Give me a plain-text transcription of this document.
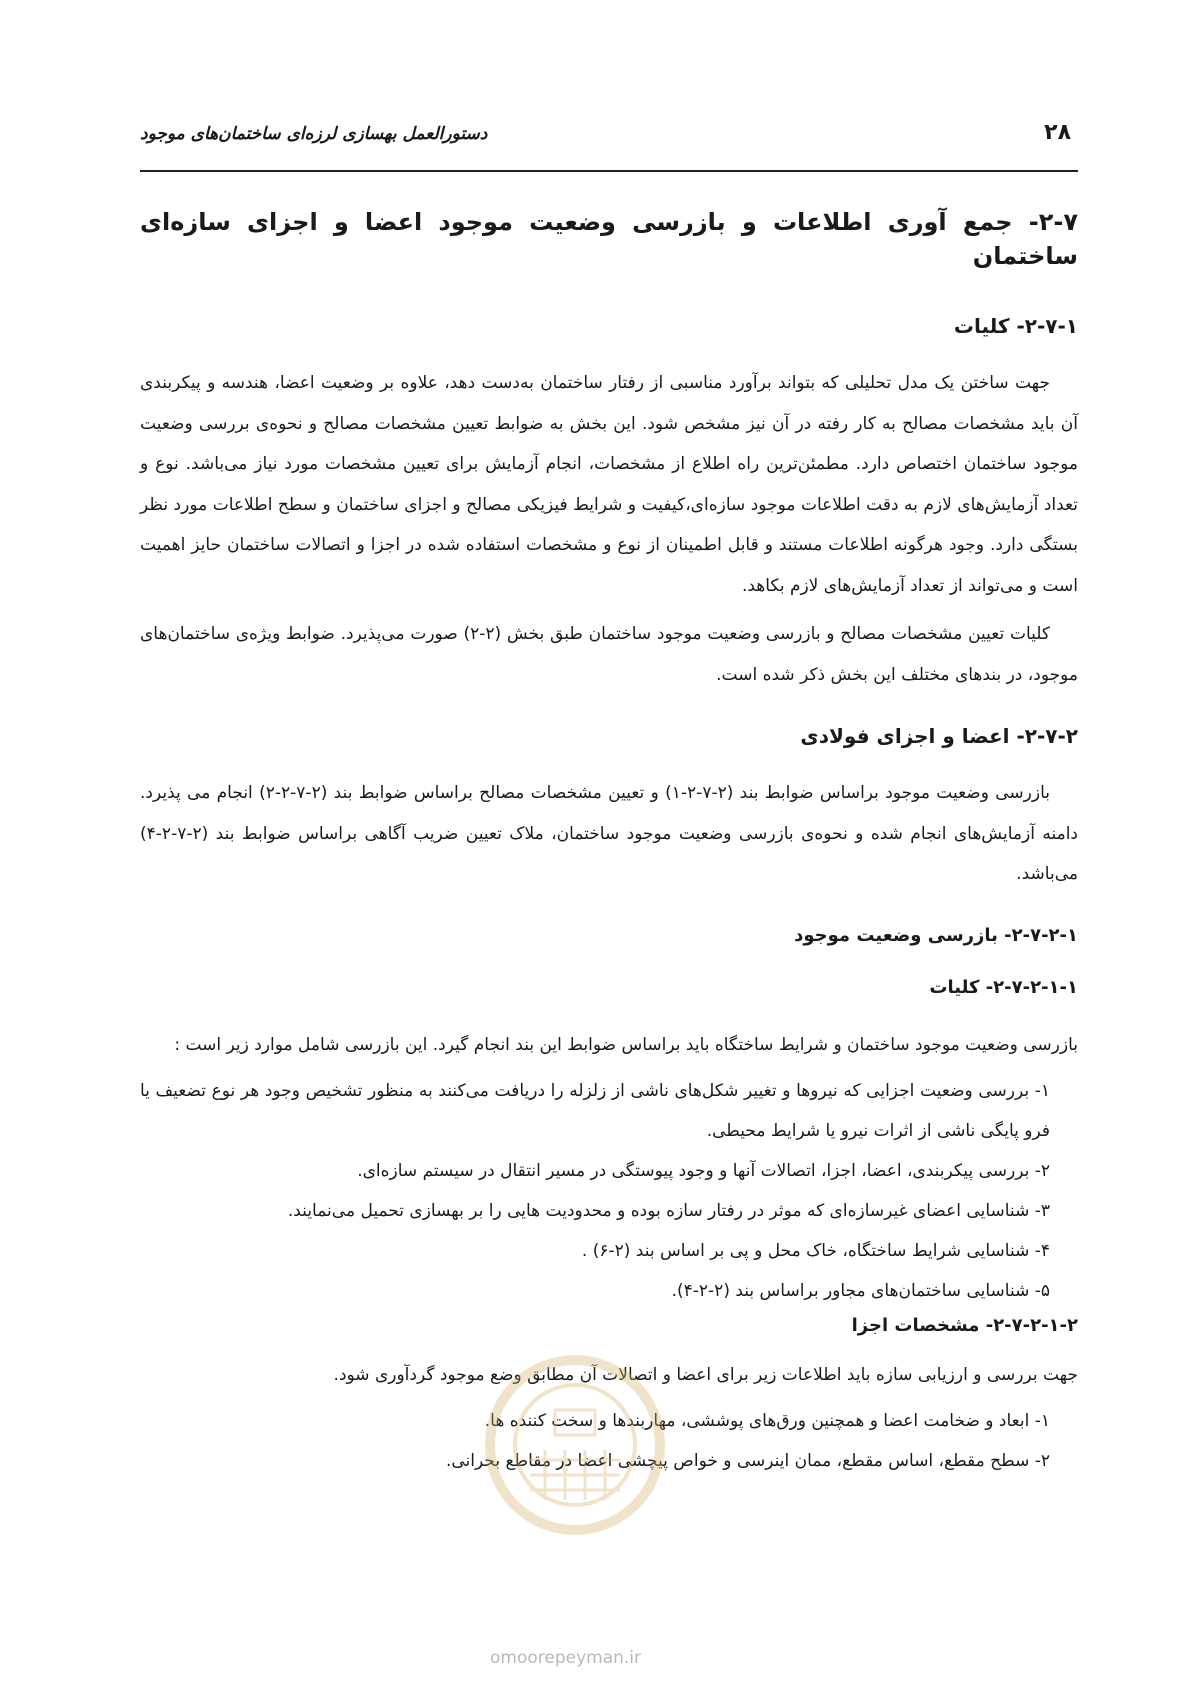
۲۸
دستورالعمل بهسازی لرزه‌ای ساختمان‌های موجود
۲-۷- جمع آوری اطلاعات و بازرسی وضعیت موجود اعضا و اجزای سازه‌ای ساختمان
۲-۷-۱- کلیات

جهت ساختن یک مدل تحلیلی که بتواند برآورد مناسبی از رفتار ساختمان به‌دست دهد، علاوه بر وضعیت اعضا، هندسه و پیکربندی آن باید مشخصات مصالح به کار رفته در آن نیز مشخص شود. این بخش به ضوابط تعیین مشخصات مصالح و نحوه‌ی بررسی وضعیت موجود ساختمان اختصاص دارد. مطمئن‌ترین راه اطلاع از مشخصات، انجام آزمایش برای تعیین مشخصات مورد نیاز می‌باشد. نوع و تعداد آزمایش‌های لازم به دقت اطلاعات موجود سازه‌ای،کیفیت و شرایط فیزیکی مصالح و اجزای ساختمان و سطح اطلاعات مورد نظر بستگی دارد. وجود هرگونه اطلاعات مستند و قابل اطمینان از نوع و مشخصات استفاده شده در اجزا و اتصالات ساختمان حایز اهمیت است و می‌تواند از تعداد آزمایش‌های لازم بکاهد.

کلیات تعیین مشخصات مصالح و بازرسی وضعیت موجود ساختمان طبق بخش (۲-۲) صورت می‌پذیرد. ضوابط ویژه‌ی ساختمان‌های موجود، در بندهای مختلف این بخش ذکر شده است.

۲-۷-۲- اعضا و اجزای فولادی

بازرسی وضعیت موجود براساس ضوابط بند (۲-۷-۲-۱) و تعیین مشخصات مصالح براساس ضوابط بند (۲-۷-۲-۲) انجام می پذیرد. دامنه آزمایش‌های انجام شده و نحوه‌ی بازرسی وضعیت موجود ساختمان، ملاک تعیین ضریب آگاهی براساس ضوابط بند (۲-۷-۲-۴) می‌باشد.

۲-۷-۲-۱- بازرسی وضعیت موجود
۲-۷-۲-۱-۱- کلیات

بازرسی وضعیت موجود ساختمان و شرایط ساختگاه باید براساس ضوابط این بند انجام گیرد. این بازرسی شامل موارد زیر است :

۱- بررسی وضعیت اجزایی که نیروها و تغییر شکل‌های ناشی از زلزله را دریافت می‌کنند به منظور تشخیص وجود هر نوع تضعیف یا فرو پایگی ناشی از اثرات نیرو یا شرایط محیطی.

۲- بررسی پیکربندی، اعضا، اجزا، اتصالات آنها و وجود پیوستگی در مسیر انتقال در سیستم سازه‌ای.

۳- شناسایی اعضای غیرسازه‌ای که موثر در رفتار سازه بوده و محدودیت هایی را بر بهسازی تحمیل می‌نمایند.

۴- شناسایی شرایط ساختگاه، خاک محل و پی بر اساس بند (۲-۶) .

۵- شناسایی ساختمان‌های مجاور براساس بند (۲-۲-۴).

۲-۷-۲-۱-۲- مشخصات اجزا

جهت بررسی و ارزیابی سازه باید اطلاعات زیر برای اعضا و اتصالات آن مطابق وضع موجود گردآوری شود.

۱- ابعاد و ضخامت اعضا و همچنین ورق‌های پوششی، مهاربندها و سخت کننده ها.

۲- سطح مقطع، اساس مقطع، ممان اینرسی و خواص پیچشی اعضا در مقاطع بحرانی.

omoorepeyman.ir
